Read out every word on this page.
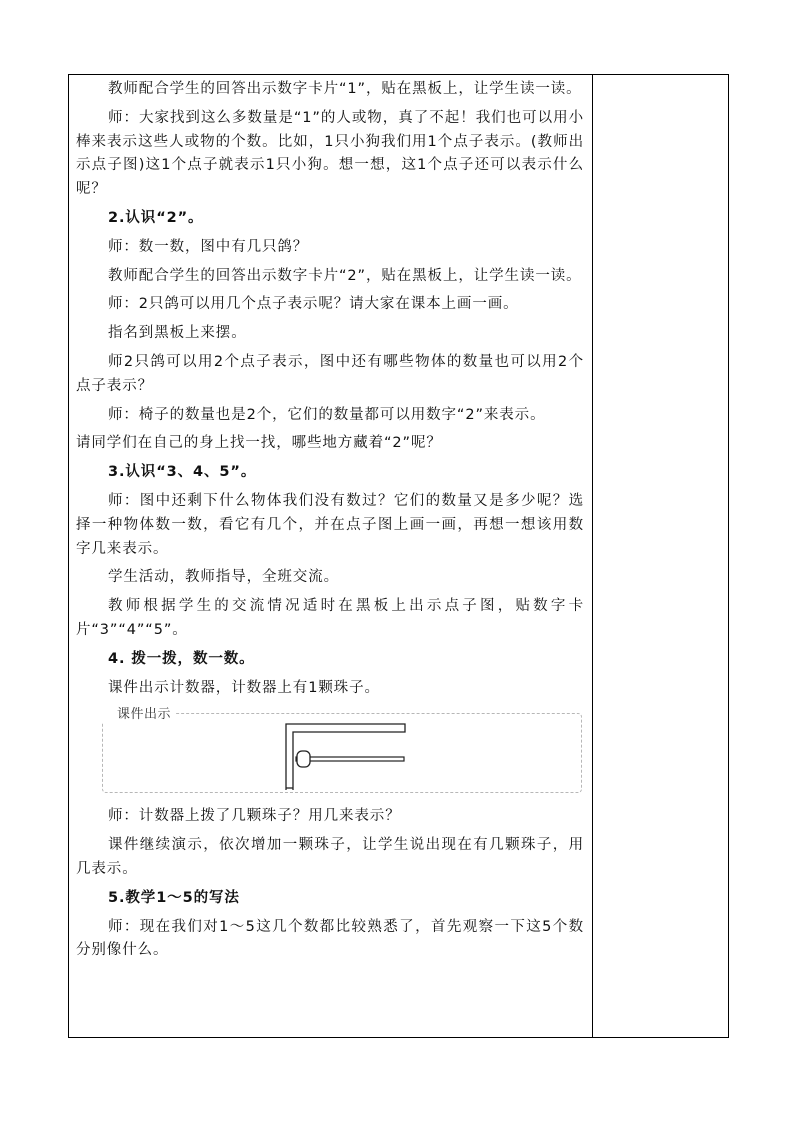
教师配合学生的回答出示数字卡片“1”，贴在黑板上，让学生读一读。

师：大家找到这么多数量是“1”的人或物，真了不起！我们也可以用小棒来表示这些人或物的个数。比如，1只小狗我们用1个点子表示。(教师出示点子图)这1个点子就表示1只小狗。想一想，这1个点子还可以表示什么呢？

2.认识“2”。

师：数一数，图中有几只鸽？

教师配合学生的回答出示数字卡片“2”，贴在黑板上，让学生读一读。

师：2只鸽可以用几个点子表示呢？请大家在课本上画一画。

指名到黑板上来摆。

师2只鸽可以用2个点子表示，图中还有哪些物体的数量也可以用2个点子表示？

师：椅子的数量也是2个，它们的数量都可以用数字“2”来表示。

请同学们在自己的身上找一找，哪些地方藏着“2”呢？

3.认识“3、4、5”。

师：图中还剩下什么物体我们没有数过？它们的数量又是多少呢？选择一种物体数一数，看它有几个，并在点子图上画一画，再想一想该用数字几来表示。

学生活动，教师指导，全班交流。

教师根据学生的交流情况适时在黑板上出示点子图，贴数字卡片“3”“4”“5”。

4. 拨一拨，数一数。

课件出示计数器，计数器上有1颗珠子。

课件出示

师：计数器上拨了几颗珠子？用几来表示？

课件继续演示，依次增加一颗珠子，让学生说出现在有几颗珠子，用几表示。

5.教学1～5的写法

师：现在我们对1～5这几个数都比较熟悉了，首先观察一下这5个数分别像什么。
